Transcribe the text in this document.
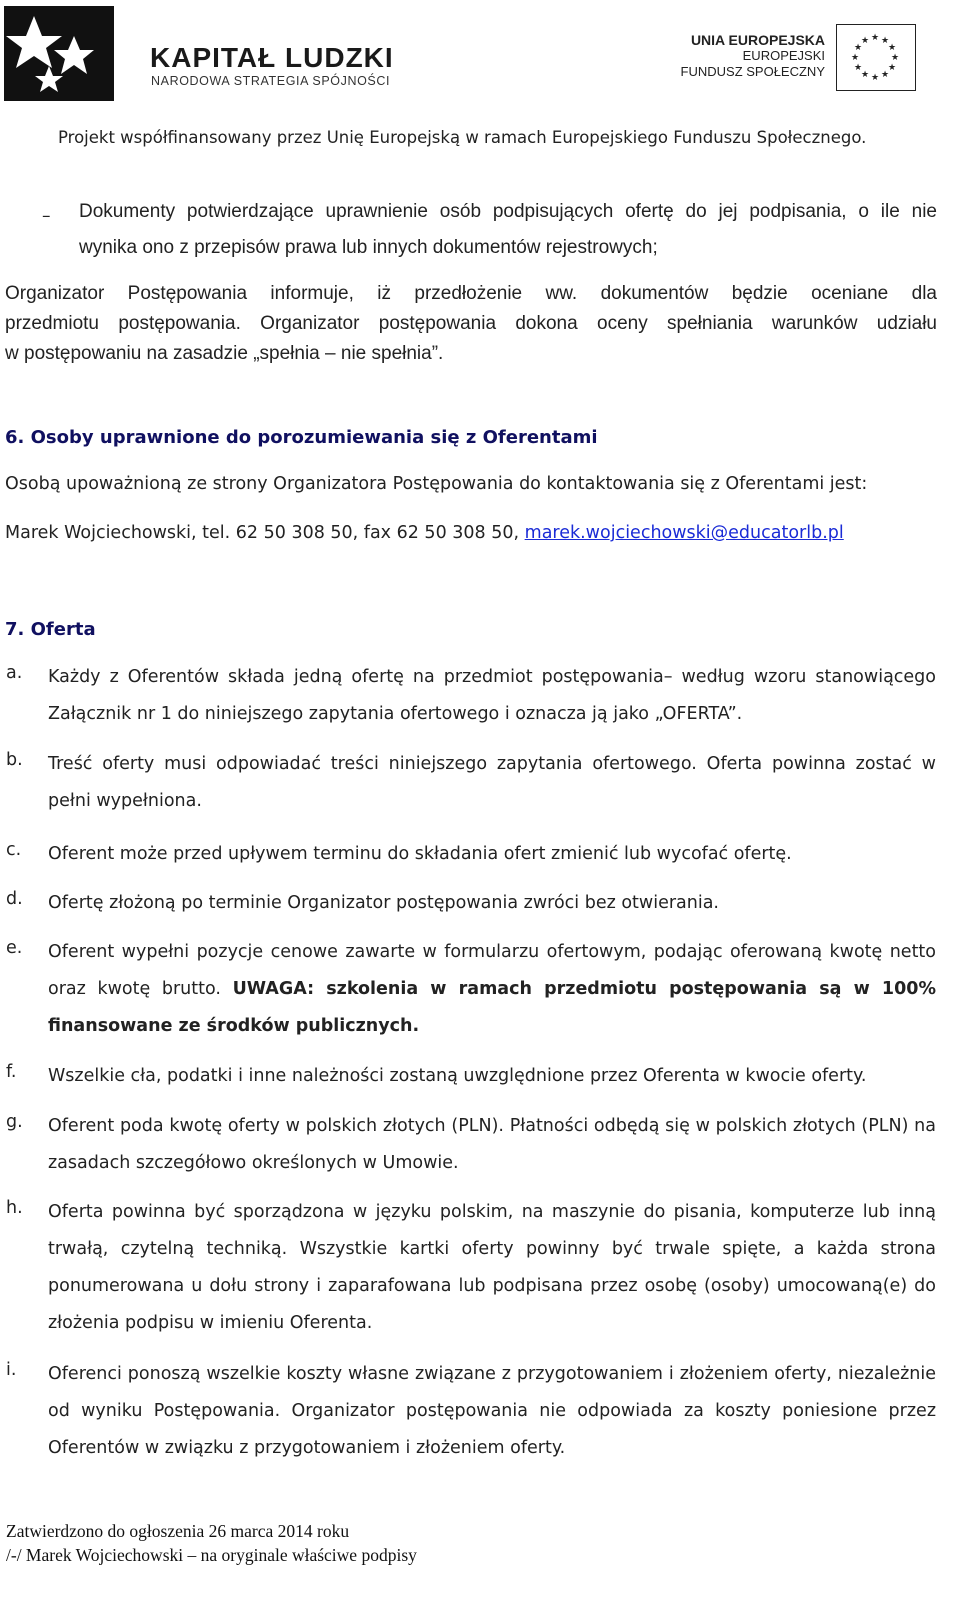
KAPITAŁ LUDZKI
NARODOWA STRATEGIA SPÓJNOŚCI
UNIA EUROPEJSKA
EUROPEJSKI
FUNDUSZ SPOŁECZNY
★ ★
★
★
★
★
★
★
★
★
★
★
Projekt współfinansowany przez Unię Europejską w ramach Europejskiego Funduszu Społecznego.
– Dokumenty potwierdzające uprawnienie osób podpisujących ofertę do jej podpisania, o ile nie
wynika ono z przepisów prawa lub innych dokumentów rejestrowych;
Organizator Postępowania informuje, iż przedłożenie ww. dokumentów będzie oceniane dla
przedmiotu postępowania. Organizator postępowania dokona oceny spełniania warunków udziału
w postępowaniu na zasadzie „spełnia – nie spełnia”.
6. Osoby uprawnione do porozumiewania się z Oferentami
Osobą upoważnioną ze strony Organizatora Postępowania do kontaktowania się z Oferentami jest:
Marek Wojciechowski, tel. 62 50 308 50, fax 62 50 308 50, marek.wojciechowski@educatorlb.pl
7. Oferta
a. Każdy z Oferentów składa jedną ofertę na przedmiot postępowania– według wzoru stanowiącego Załącznik nr 1 do niniejszego zapytania ofertowego i oznacza ją jako „OFERTA”.
b. Treść oferty musi odpowiadać treści niniejszego zapytania ofertowego. Oferta powinna zostać w pełni wypełniona.
c. Oferent może przed upływem terminu do składania ofert zmienić lub wycofać ofertę.
d. Ofertę złożoną po terminie Organizator postępowania zwróci bez otwierania.
e. Oferent wypełni pozycje cenowe zawarte w formularzu ofertowym, podając oferowaną kwotę netto oraz kwotę brutto. UWAGA: szkolenia w ramach przedmiotu postępowania są w 100% finansowane ze środków publicznych.
f. Wszelkie cła, podatki i inne należności zostaną uwzględnione przez Oferenta w kwocie oferty.
g. Oferent poda kwotę oferty w polskich złotych (PLN). Płatności odbędą się w polskich złotych (PLN) na zasadach szczegółowo określonych w Umowie.
h. Oferta powinna być sporządzona w języku polskim, na maszynie do pisania, komputerze lub inną trwałą, czytelną techniką. Wszystkie kartki oferty powinny być trwale spięte, a każda strona ponumerowana u dołu strony i zaparafowana lub podpisana przez osobę (osoby) umocowaną(e) do złożenia podpisu w imieniu Oferenta.
i. Oferenci ponoszą wszelkie koszty własne związane z przygotowaniem i złożeniem oferty, niezależnie od wyniku Postępowania. Organizator postępowania nie odpowiada za koszty poniesione przez Oferentów w związku z przygotowaniem i złożeniem oferty.
Zatwierdzono do ogłoszenia 26 marca 2014 roku
/-/ Marek Wojciechowski – na oryginale właściwe podpisy
